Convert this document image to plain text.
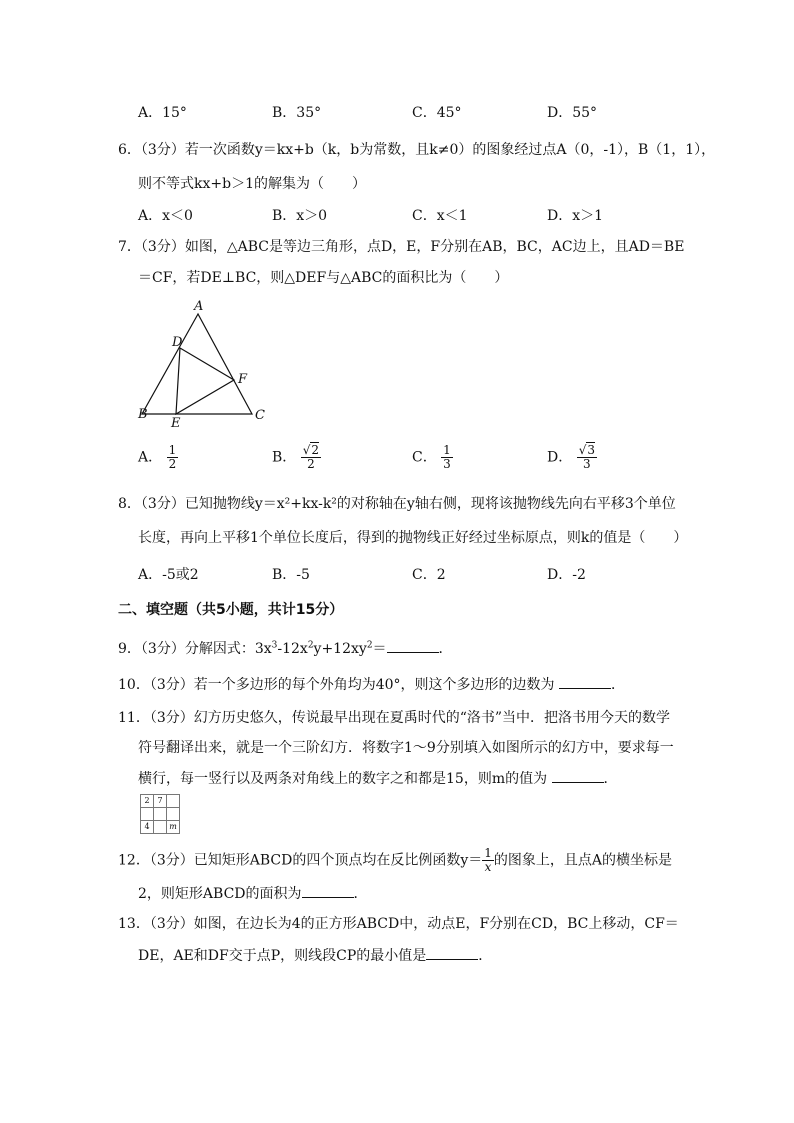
A．15°	B．35°	C．45°	D．55°
6．（3分）若一次函数y＝kx+b（k，b为常数，且k≠0）的图象经过点A（0，-1），B（1，1），
则不等式kx+b＞1的解集为（　　）
A．x＜0	B．x＞0	C．x＜1	D．x＞1
7．（3分）如图，△ABC是等边三角形，点D，E，F分别在AB，BC，AC边上，且AD＝BE
＝CF，若DE⊥BC，则△DEF与△ABC的面积比为（　　）
A
D
F
B
E
C
A． $\frac{1}{2}$	B． $\frac{√2}{2}$	C． $\frac{1}{3}$	D． $\frac{√3}{3}$
8．（3分）已知抛物线y＝x²+kx-k²的对称轴在y轴右侧，现将该抛物线先向右平移3个单位
长度，再向上平移1个单位长度后，得到的抛物线正好经过坐标原点，则k的值是（　　）
A．-5或2	B．-5	C．2	D．-2
二、填空题（共5小题，共计15分）
9．（3分）分解因式：$3x^3-12x^2y+12xy^2=$	．
10．（3分）若一个多边形的每个外角均为40°，则这个多边形的边数为	．
11．（3分）幻方历史悠久，传说最早出现在夏禹时代的“洛书”当中．把洛书用今天的数学
符号翻译出来，就是一个三阶幻方．将数字1～9分别填入如图所示的幻方中，要求每一
横行，每一竖行以及两条对角线上的数字之和都是15，则m的值为	．
2	7	

4		m
12．（3分）已知矩形ABCD的四个顶点均在反比例函数$y= \frac{1}{x}$ 的图象上，且点A的横坐标是
2，则矩形ABCD的面积为	．
13．（3分）如图，在边长为4的正方形ABCD中，动点E，F分别在CD，BC上移动，CF＝
DE，AE和DF交于点P，则线段CP的最小值是	．
